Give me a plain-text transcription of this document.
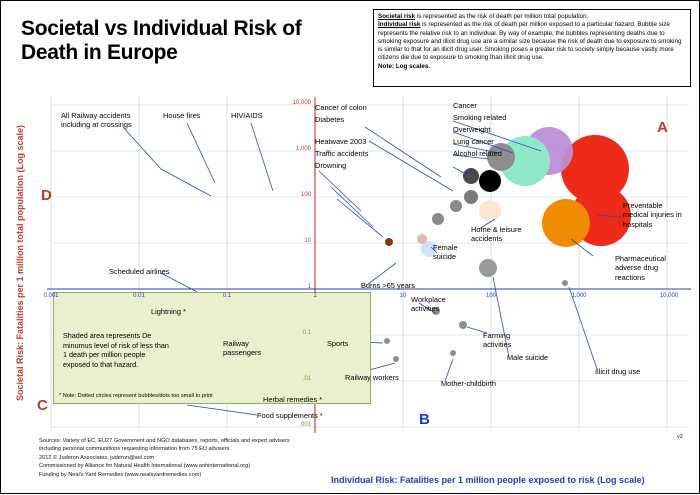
Societal vs Individual Risk of Death in Europe
Societal risk is represented as the risk of death per million total population.
Individual risk is represented as the risk of death per million exposed to a particular hazard. Bubble size represents the relative risk to an individual. By way of example, the bubbles representing deaths due to smoking exposure and illicit drug use are a similar size because the risk of death due to exposure to smoking is similar to that for an illicit drug user. Smoking poses a greater risk to society simply because vastly more citizens die due to exposure to smoking than illicit drug use.
Note: Log scales.
Societal Risk: Fatalities per 1 million total population (Log scale)
Individual Risk: Fatalities per 1 million people exposed to risk (Log scale)
Shaded area represents De minumus level of risk of less than 1 death per million people exposed to that hazard.
* Note: Dotted circles represent bubbles/dots too small to print
10,000
1,000
100
10
1
0.1
.01
.001
0.001	0.01	0.1	1	10	100	1,000	10,000
A
B
C
D
All Railway accidents including at crossings
House fires	HIV/AIDS
Cancer of colon
Diabetes
Heatwave 2003
Traffic accidents
Drowning
Cancer
Smoking related
Overweight
Lung cancer
Alcohol related
Preventable medical injuries in hospitals
Pharmaceutical adverse drug reactions
Home & leisure accidents
Female suicide
Male suicide
Workplace activities
Farming activities
Mother-childbirth
Burns >65 years
Sports
Railway workers
Illicit drug use
Scheduled airlines
Lightning *
Railway passengers
Herbal remedies *
Food supplements *
Sources: Variety of EC, EU27 Government and NGO databases, reports, officials and expert advisers
including personal communitions requesting information from 75 EU advisers.
2012 © Juderon Associates, juderon@aol.com
Commissioned by Alliance for Natural Health International (www.anhinternational.org)
Funding by Neal's Yard Remedies (www.nealsyardremedies.com)
v2
